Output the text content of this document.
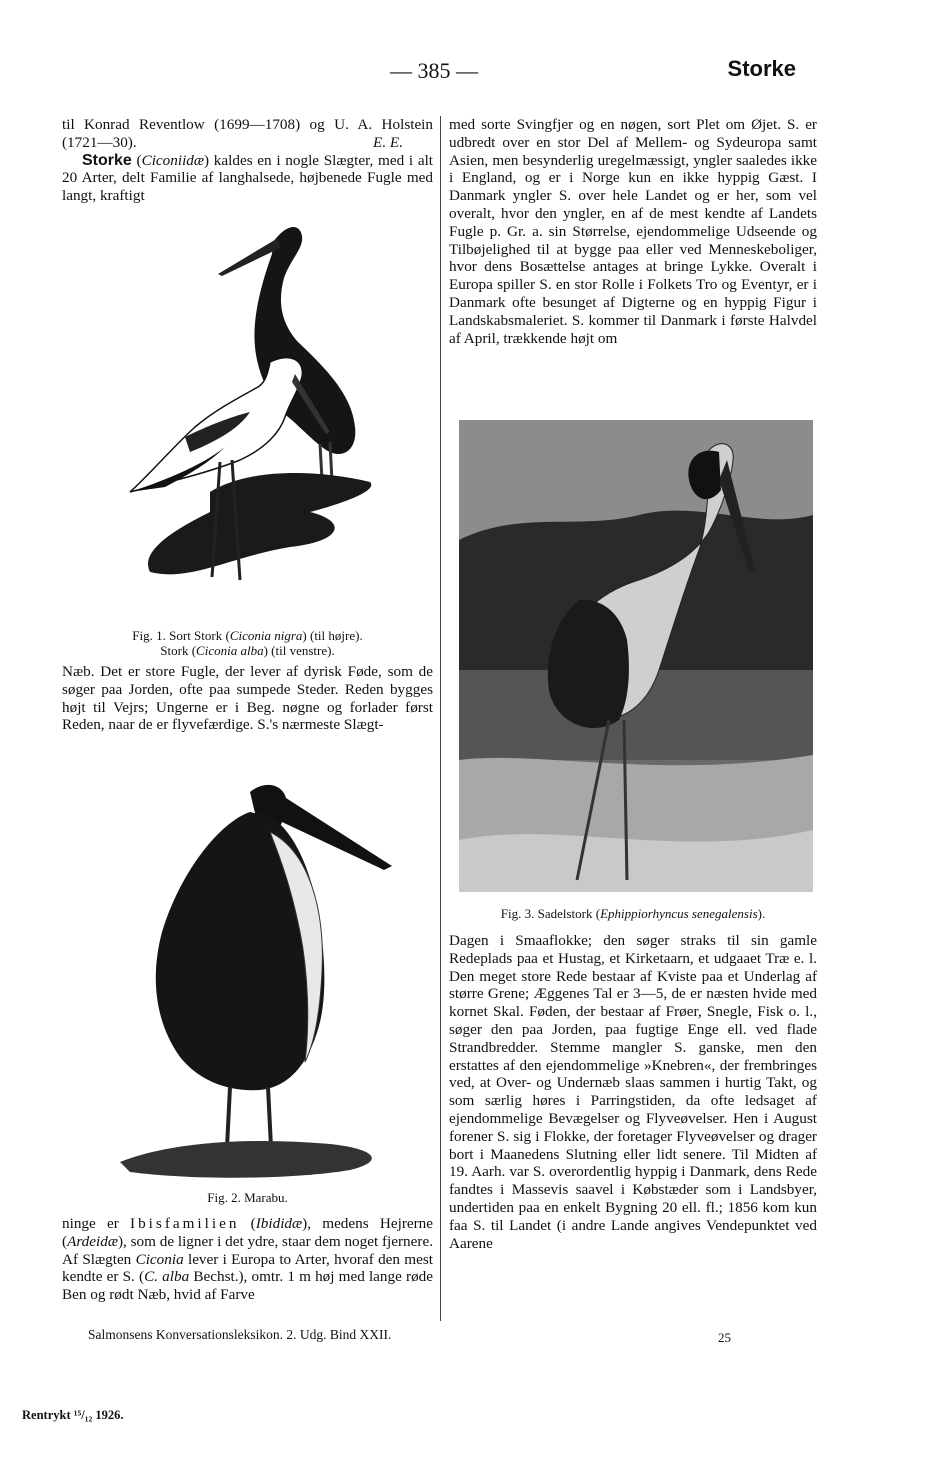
— 385 —	Storke

til Konrad Reventlow (1699—1708) og U. A. Holstein (1721—30).	E. E.

Storke (Ciconiidæ) kaldes en i nogle Slægter, med i alt 20 Arter, delt Familie af langhalsede, højbenede Fugle med langt, kraftigt

Fig. 1. Sort Stork (Ciconia nigra) (til højre).
Stork (Ciconia alba) (til venstre).

Næb. Det er store Fugle, der lever af dyrisk Føde, som de søger paa Jorden, ofte paa sumpede Steder. Reden bygges højt til Vejrs; Ungerne er i Beg. nøgne og forlader først Reden, naar de er flyvefærdige. S.'s nærmeste Slægt-

Fig. 2. Marabu.

ninge er Ibisfamilien (Ibididæ), medens Hejrerne (Ardeidæ), som de ligner i det ydre, staar dem noget fjernere. Af Slægten Ciconia lever i Europa to Arter, hvoraf den mest kendte er S. (C. alba Bechst.), omtr. 1 m høj med lange røde Ben og rødt Næb, hvid af Farve

med sorte Svingfjer og en nøgen, sort Plet om Øjet. S. er udbredt over en stor Del af Mellem- og Sydeuropa samt Asien, men besynderlig uregelmæssigt, yngler saaledes ikke i England, og er i Norge kun en ikke hyppig Gæst. I Danmark yngler S. over hele Landet og er her, som vel overalt, hvor den yngler, en af de mest kendte af Landets Fugle p. Gr. a. sin Størrelse, ejendommelige Udseende og Tilbøjelighed til at bygge paa eller ved Menneskeboliger, hvor dens Bosættelse antages at bringe Lykke. Overalt i Europa spiller S. en stor Rolle i Folkets Tro og Eventyr, er i Danmark ofte besunget af Digterne og en hyppig Figur i Landskabsmaleriet. S. kommer til Danmark i første Halvdel af April, trækkende højt om

Fig. 3. Sadelstork (Ephippiorhyncus senegalensis).

Dagen i Smaaflokke; den søger straks til sin gamle Redeplads paa et Hustag, et Kirketaarn, et udgaaet Træ e. l. Den meget store Rede bestaar af Kviste paa et Underlag af større Grene; Æggenes Tal er 3—5, de er næsten hvide med kornet Skal. Føden, der bestaar af Frøer, Snegle, Fisk o. l., søger den paa Jorden, paa fugtige Enge ell. ved flade Strandbredder. Stemme mangler S. ganske, men den erstattes af den ejendommelige »Knebren«, der frembringes ved, at Over- og Undernæb slaas sammen i hurtig Takt, og som særlig høres i Parringstiden, da ofte ledsaget af ejendommelige Bevægelser og Flyveøvelser. Hen i August forener S. sig i Flokke, der foretager Flyveøvelser og drager bort i Maanedens Slutning eller lidt senere. Til Midten af 19. Aarh. var S. overordentlig hyppig i Danmark, dens Rede fandtes i Massevis saavel i Købstæder som i Landsbyer, undertiden paa en enkelt Bygning 20 ell. fl.; 1856 kom kun faa S. til Landet (i andre Lande angives Vendepunktet ved Aarene

Salmonsens Konversationsleksikon. 2. Udg. Bind XXII.	25
Rentrykt ¹⁵/₁₂ 1926.
